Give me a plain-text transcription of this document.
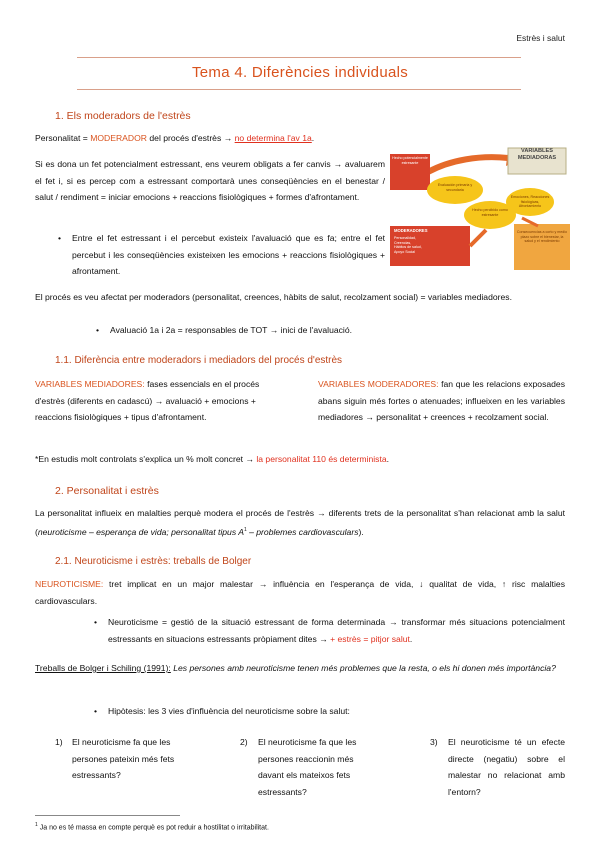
Estrès i salut
Tema 4. Diferències individuals
1. Els moderadors de l'estrès
Personalitat = MODERADOR del procés d'estrès → no determina l'av 1a.
Si es dona un fet potencialment estressant, ens veurem obligats a fer canvis → avaluarem el fet i, si es percep com a estressant comportarà unes conseqüències en el benestar / salut / rendiment = iniciar emocions + reaccions fisiològiques + formes d'afrontament.
• Entre el fet estressant i el percebut existeix l'avaluació que es fa; entre el fet percebut i les conseqüències existeixen les emocions + reaccions fisiològiques + afrontament.
VARIABLES MEDIADORAS
Hecho potencialmente estresante
Evaluación primaria y secundaria
Hecho percibido como estresante
Emociones, Reacciones fisiológicas, Afrontamiento
MODERADORES
Personalidad, Creencias, Hábitos de salud, Apoyo Social
Consecuencias a corto y medio plazo sobre el bienestar, la salud y el rendimiento
El procés es veu afectat per moderadors (personalitat, creences, hàbits de salut, recolzament social) = variables mediadores.
• Avaluació 1a i 2a = responsables de TOT → inici de l'avaluació.
1.1. Diferència entre moderadors i mediadors del procés d'estrès
VARIABLES MEDIADORES: fases essencials en el procés d'estrès (diferents en cadascú) → avaluació + emocions + reaccions fisiològiques + tipus d'afrontament.
VARIABLES MODERADORES: fan que les relacions exposades abans siguin més fortes o atenuades; influeixen en les variables mediadores → personalitat + creences + recolzament social.
*En estudis molt controlats s'explica un % molt concret → la personalitat 110 és determinista.
2. Personalitat i estrès
La personalitat influeix en malalties perquè modera el procés de l'estrès → diferents trets de la personalitat s'han relacionat amb la salut (neuroticisme – esperança de vida; personalitat tipus $A^1$ – problemes cardiovasculars).
2.1. Neuroticisme i estrès: treballs de Bolger
NEUROTICISME: tret implicat en un major malestar → influència en l'esperança de vida, ↓ qualitat de vida, ↑ risc malalties cardiovasculars.
• Neuroticisme = gestió de la situació estressant de forma determinada → transformar més situacions potencialment estressants en situacions estressants pròpiament dites → + estrès = pitjor salut.
Treballs de Bolger i Schiling (1991): Les persones amb neuroticisme tenen més problemes que la resta, o els hi donen més importància?
• Hipòtesis: les 3 vies d'influència del neuroticisme sobre la salut:
1) El neuroticisme fa que les persones pateixin més fets estressants?
2) El neuroticisme fa que les persones reaccionin més davant els mateixos fets estressants?
3) El neuroticisme té un efecte directe (negatiu) sobre el malestar no relacionat amb l'entorn?
$^1$ Ja no es té massa en compte perquè es pot reduir a hostilitat o irritabilitat.
